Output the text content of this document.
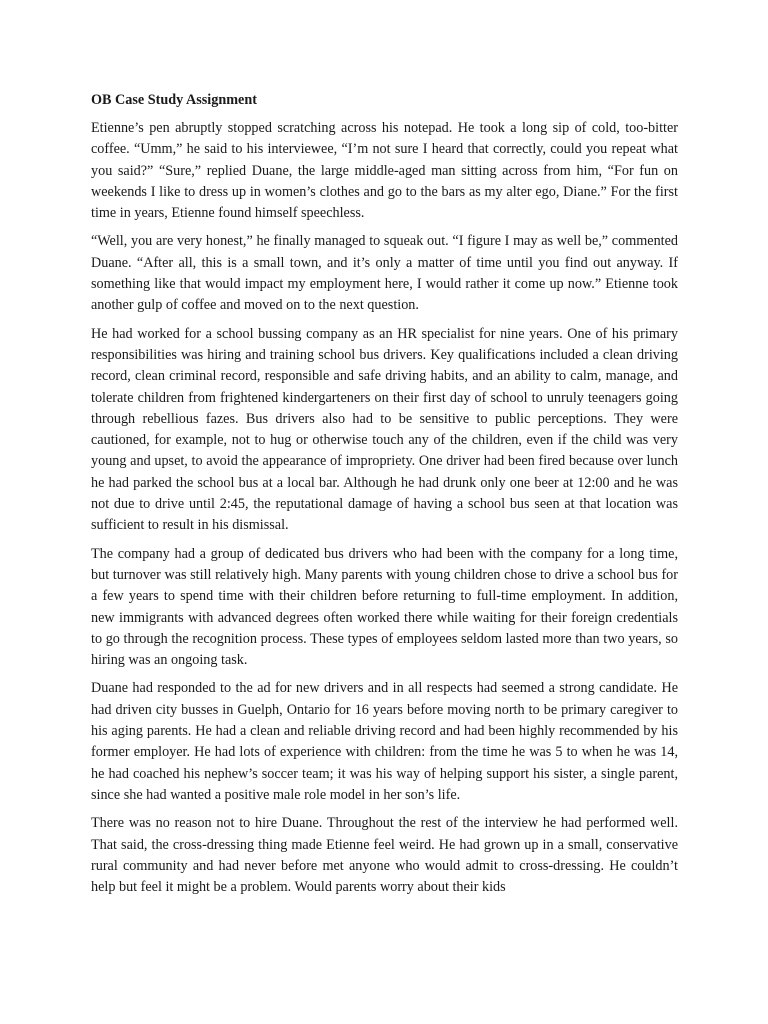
OB Case Study Assignment

Etienne’s pen abruptly stopped scratching across his notepad. He took a long sip of cold, too-bitter coffee. “Umm,” he said to his interviewee, “I’m not sure I heard that correctly, could you repeat what you said?” “Sure,” replied Duane, the large middle-aged man sitting across from him, “For fun on weekends I like to dress up in women’s clothes and go to the bars as my alter ego, Diane.” For the first time in years, Etienne found himself speechless.

“Well, you are very honest,” he finally managed to squeak out. “I figure I may as well be,” commented Duane. “After all, this is a small town, and it’s only a matter of time until you find out anyway. If something like that would impact my employment here, I would rather it come up now.” Etienne took another gulp of coffee and moved on to the next question.

He had worked for a school bussing company as an HR specialist for nine years. One of his primary responsibilities was hiring and training school bus drivers. Key qualifications included a clean driving record, clean criminal record, responsible and safe driving habits, and an ability to calm, manage, and tolerate children from frightened kindergarteners on their first day of school to unruly teenagers going through rebellious fazes. Bus drivers also had to be sensitive to public perceptions. They were cautioned, for example, not to hug or otherwise touch any of the children, even if the child was very young and upset, to avoid the appearance of impropriety. One driver had been fired because over lunch he had parked the school bus at a local bar. Although he had drunk only one beer at 12:00 and he was not due to drive until 2:45, the reputational damage of having a school bus seen at that location was sufficient to result in his dismissal.

The company had a group of dedicated bus drivers who had been with the company for a long time, but turnover was still relatively high. Many parents with young children chose to drive a school bus for a few years to spend time with their children before returning to full-time employment. In addition, new immigrants with advanced degrees often worked there while waiting for their foreign credentials to go through the recognition process. These types of employees seldom lasted more than two years, so hiring was an ongoing task.

Duane had responded to the ad for new drivers and in all respects had seemed a strong candidate. He had driven city busses in Guelph, Ontario for 16 years before moving north to be primary caregiver to his aging parents. He had a clean and reliable driving record and had been highly recommended by his former employer. He had lots of experience with children: from the time he was 5 to when he was 14, he had coached his nephew’s soccer team; it was his way of helping support his sister, a single parent, since she had wanted a positive male role model in her son’s life.

There was no reason not to hire Duane. Throughout the rest of the interview he had performed well. That said, the cross-dressing thing made Etienne feel weird. He had grown up in a small, conservative rural community and had never before met anyone who would admit to cross-dressing. He couldn’t help but feel it might be a problem. Would parents worry about their kids
